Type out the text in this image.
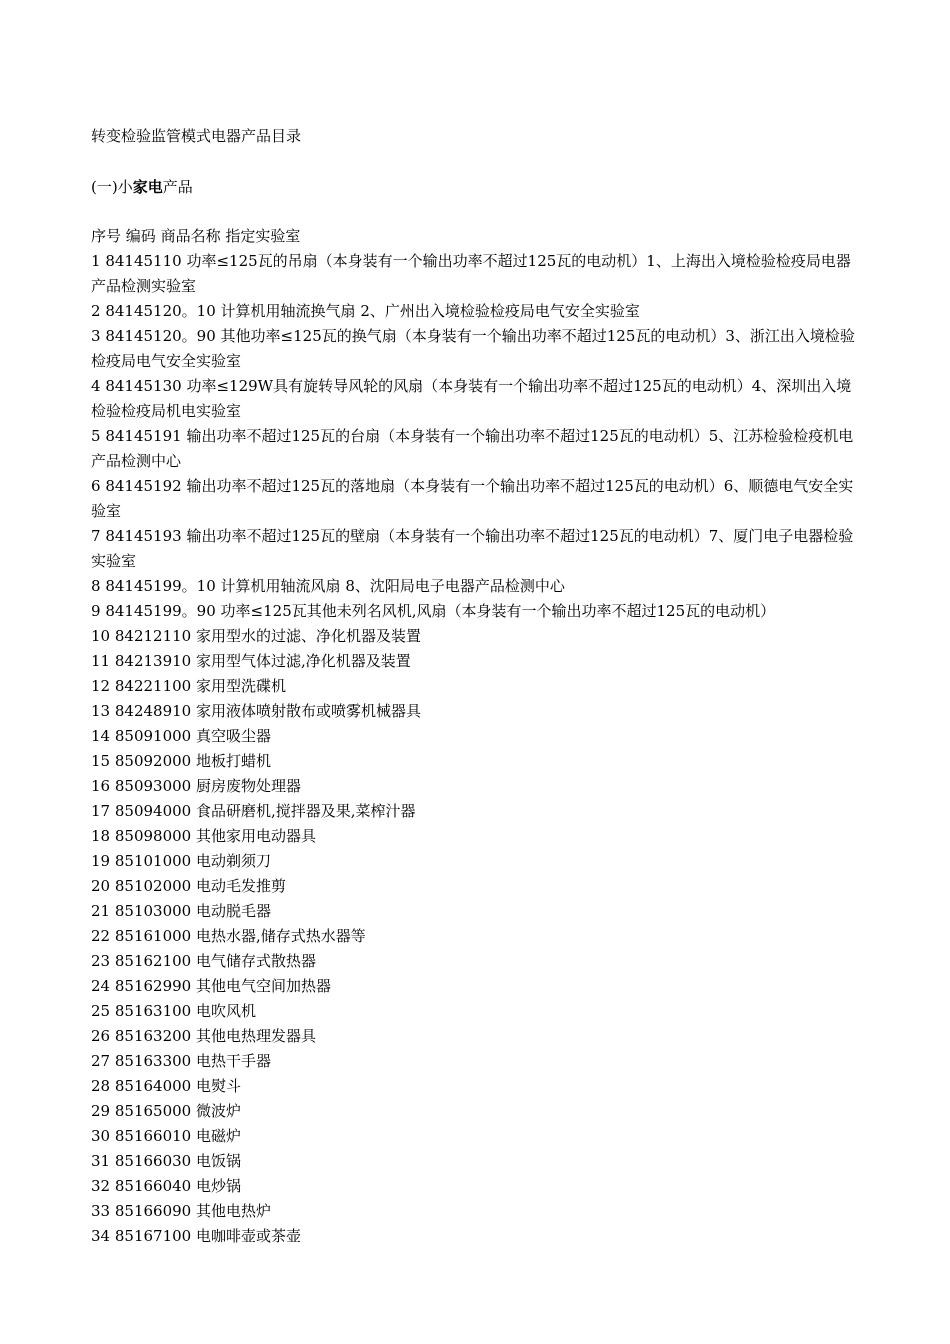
转变检验监管模式电器产品目录

(一)小家电产品

序号 编码 商品名称 指定实验室

1 84145110 功率≤125瓦的吊扇（本身装有一个输出功率不超过125瓦的电动机）1、上海出入境检验检疫局电器产品检测实验室

2 84145120。10 计算机用轴流换气扇 2、广州出入境检验检疫局电气安全实验室

3 84145120。90 其他功率≤125瓦的换气扇（本身装有一个输出功率不超过125瓦的电动机）3、浙江出入境检验检疫局电气安全实验室

4 84145130 功率≤129W具有旋转导风轮的风扇（本身装有一个输出功率不超过125瓦的电动机）4、深圳出入境检验检疫局机电实验室

5 84145191 输出功率不超过125瓦的台扇（本身装有一个输出功率不超过125瓦的电动机）5、江苏检验检疫机电产品检测中心

6 84145192 输出功率不超过125瓦的落地扇（本身装有一个输出功率不超过125瓦的电动机）6、顺德电气安全实验室

7 84145193 输出功率不超过125瓦的壁扇（本身装有一个输出功率不超过125瓦的电动机）7、厦门电子电器检验实验室

8 84145199。10 计算机用轴流风扇 8、沈阳局电子电器产品检测中心

9 84145199。90 功率≤125瓦其他未列名风机,风扇（本身装有一个输出功率不超过125瓦的电动机）

10 84212110 家用型水的过滤、净化机器及装置

11 84213910 家用型气体过滤,净化机器及装置

12 84221100 家用型洗碟机

13 84248910 家用液体喷射散布或喷雾机械器具

14 85091000 真空吸尘器

15 85092000 地板打蜡机

16 85093000 厨房废物处理器

17 85094000 食品研磨机,搅拌器及果,菜榨汁器

18 85098000 其他家用电动器具

19 85101000 电动剃须刀

20 85102000 电动毛发推剪

21 85103000 电动脱毛器

22 85161000 电热水器,储存式热水器等

23 85162100 电气储存式散热器

24 85162990 其他电气空间加热器

25 85163100 电吹风机

26 85163200 其他电热理发器具

27 85163300 电热干手器

28 85164000 电熨斗

29 85165000 微波炉

30 85166010 电磁炉

31 85166030 电饭锅

32 85166040 电炒锅

33 85166090 其他电热炉

34 85167100 电咖啡壶或茶壶
